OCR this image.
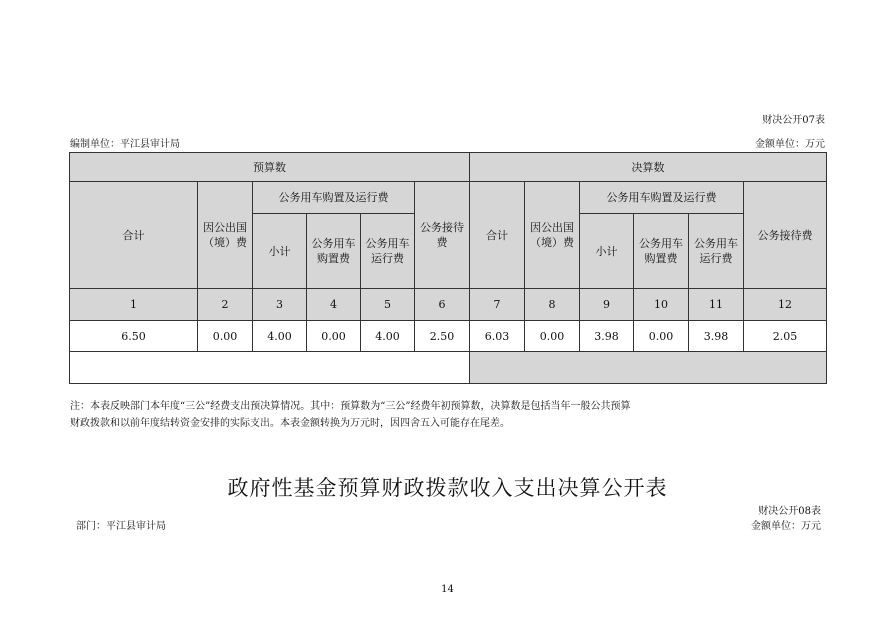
财决公开07表
编制单位：平江县审计局	金额单位：万元
预算数						决算数					
合计	因公出国（境）费	公务用车购置及运行费			公务接待费	合计	因公出国（境）费	公务用车购置及运行费			公务接待费
		小计	公务用车购置费	公务用车运行费				小计	公务用车购置费	公务用车运行费	
1	2	3	4	5	6	7	8	9	10	11	12
6.50	0.00	4.00	0.00	4.00	2.50	6.03	0.00	3.98	0.00	3.98	2.05

注：本表反映部门本年度“三公”经费支出预决算情况。其中：预算数为“三公”经费年初预算数，决算数是包括当年一般公共预算
财政拨款和以前年度结转资金安排的实际支出。本表金额转换为万元时，因四舍五入可能存在尾差。
政府性基金预算财政拨款收入支出决算公开表
财决公开08表
部门：平江县审计局	金额单位：万元
14
